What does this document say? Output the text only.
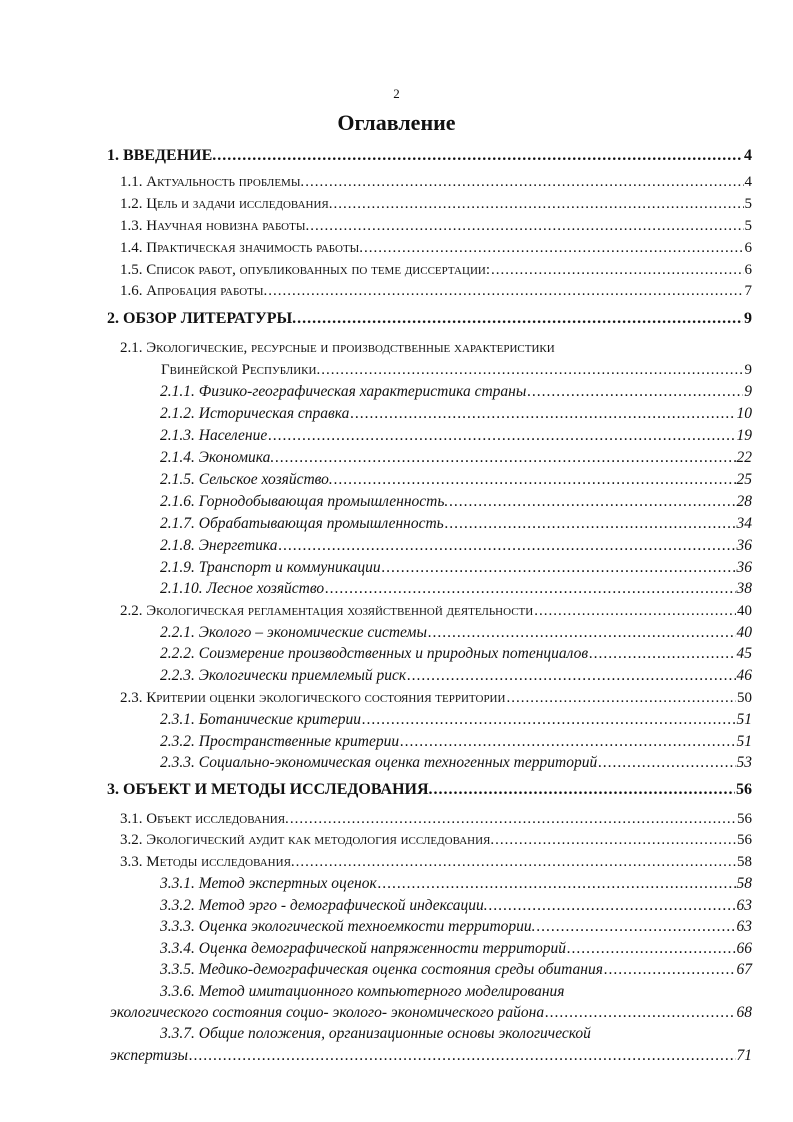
2
Оглавление
1. ВВЕДЕНИЕ. .....	4
1.1. Актуальность проблемы. .....	4
1.2. Цель и задачи исследования. .....	5
1.3. Научная новизна работы. .....	5
1.4. Практическая значимость работы. .....	6
1.5. Список работ, опубликованных по теме диссертации: .....	6
1.6. Апробация работы. .....	7
2. ОБЗОР ЛИТЕРАТУРЫ. .....	9
2.1. Экологические, ресурсные и производственные характеристики
Гвинейской Республики. .....	9
2.1.1. Физико-географическая характеристика страны .....	9
2.1.2. Историческая справка .....	10
2.1.3. Население .....	19
2.1.4. Экономика. .....	22
2.1.5. Сельское хозяйство. .....	25
2.1.6. Горнодобывающая промышленность. .....	28
2.1.7. Обрабатывающая промышленность .....	34
2.1.8. Энергетика .....	36
2.1.9. Транспорт и коммуникации .....	36
2.1.10. Лесное хозяйство .....	38
2.2. Экологическая регламентация хозяйственной деятельности .....	40
2.2.1. Эколого – экономические системы .....	40
2.2.2. Соизмерение производственных и природных потенциалов .....	45
2.2.3. Экологически приемлемый риск .....	46
2.3. Критерии оценки экологического состояния территории .....	50
2.3.1. Ботанические критерии .....	51
2.3.2. Пространственные критерии .....	51
2.3.3. Социально-экономическая оценка техногенных территорий .....	53
3. ОБЪЕКТ И МЕТОДЫ ИССЛЕДОВАНИЯ. .....	56
3.1. Объект исследования. .....	56
3.2. Экологический аудит как методология исследования. .....	56
3.3. Методы исследования. .....	58
3.3.1. Метод экспертных оценок .....	58
3.3.2. Метод эрго - демографической индексации. .....	63
3.3.3. Оценка экологической техноемкости территории. .....	63
3.3.4. Оценка демографической напряженности территорий .....	66
3.3.5. Медико-демографическая оценка состояния среды обитания .....	67
3.3.6. Метод имитационного компьютерного моделирования
экологического состояния социо- эколого- экономического района .....	68
3.3.7. Общие положения, организационные основы экологической
экспертизы .....	71
